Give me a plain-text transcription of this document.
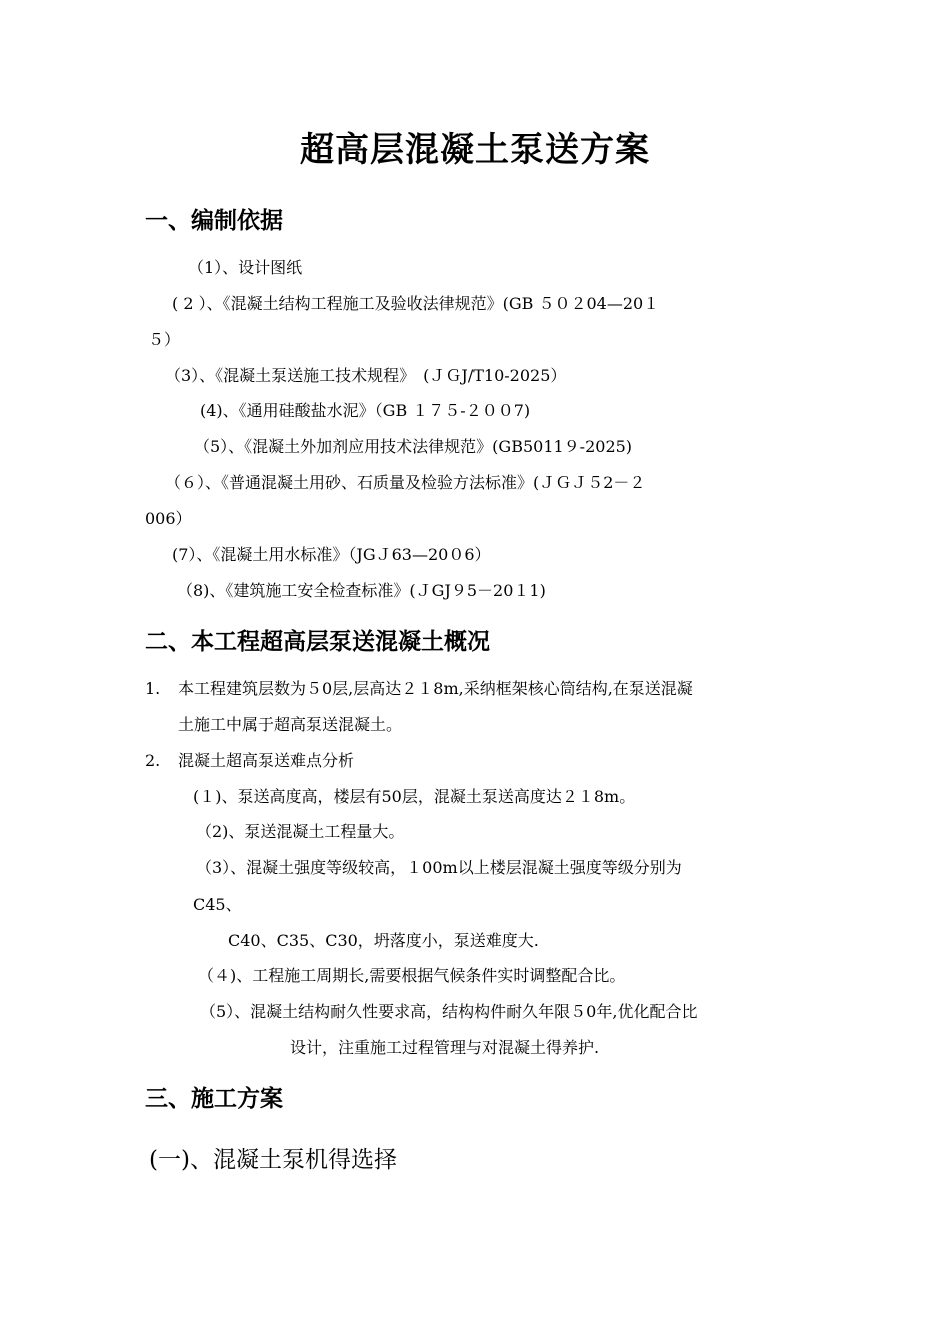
超高层混凝土泵送方案
一、编制依据
（1）、设计图纸
( 2 ）、《混凝土结构工程施工及验收法律规范》(GB ５０２04—20１
５）
（3）、《混凝土泵送施工技术规程》　(ＪＧJ/T10-2025）
(4)、《通用硅酸盐水泥》（GB １７５-２００7)
（5）、《混凝土外加剂应用技术法律规范》(GB5011９-2025)
（６）、《普通混凝土用砂、石质量及检验方法标准》(ＪＧＪ５2－２
006）
(7）、《混凝土用水标准》（JGＪ63—20０6）
（8)、《建筑施工安全检查标准》(ＪGJ９5－20１1)
二、本工程超高层泵送混凝土概况
1. 本工程建筑层数为５0层,层高达２１8m,采纳框架核心筒结构,在泵送混凝
土施工中属于超高泵送混凝土。
2. 混凝土超高泵送难点分析
(１)、泵送高度高，楼层有50层，混凝土泵送高度达２１8m。
（2)、泵送混凝土工程量大。
（3）、混凝土强度等级较高，１00m以上楼层混凝土强度等级分别为
C45、
C40、C35、C30，坍落度小，泵送难度大.
（４)、工程施工周期长,需要根据气候条件实时调整配合比。
（5）、混凝土结构耐久性要求高，结构构件耐久年限５0年,优化配合比
设计，注重施工过程管理与对混凝土得养护.
三、施工方案
(一)、混凝土泵机得选择
